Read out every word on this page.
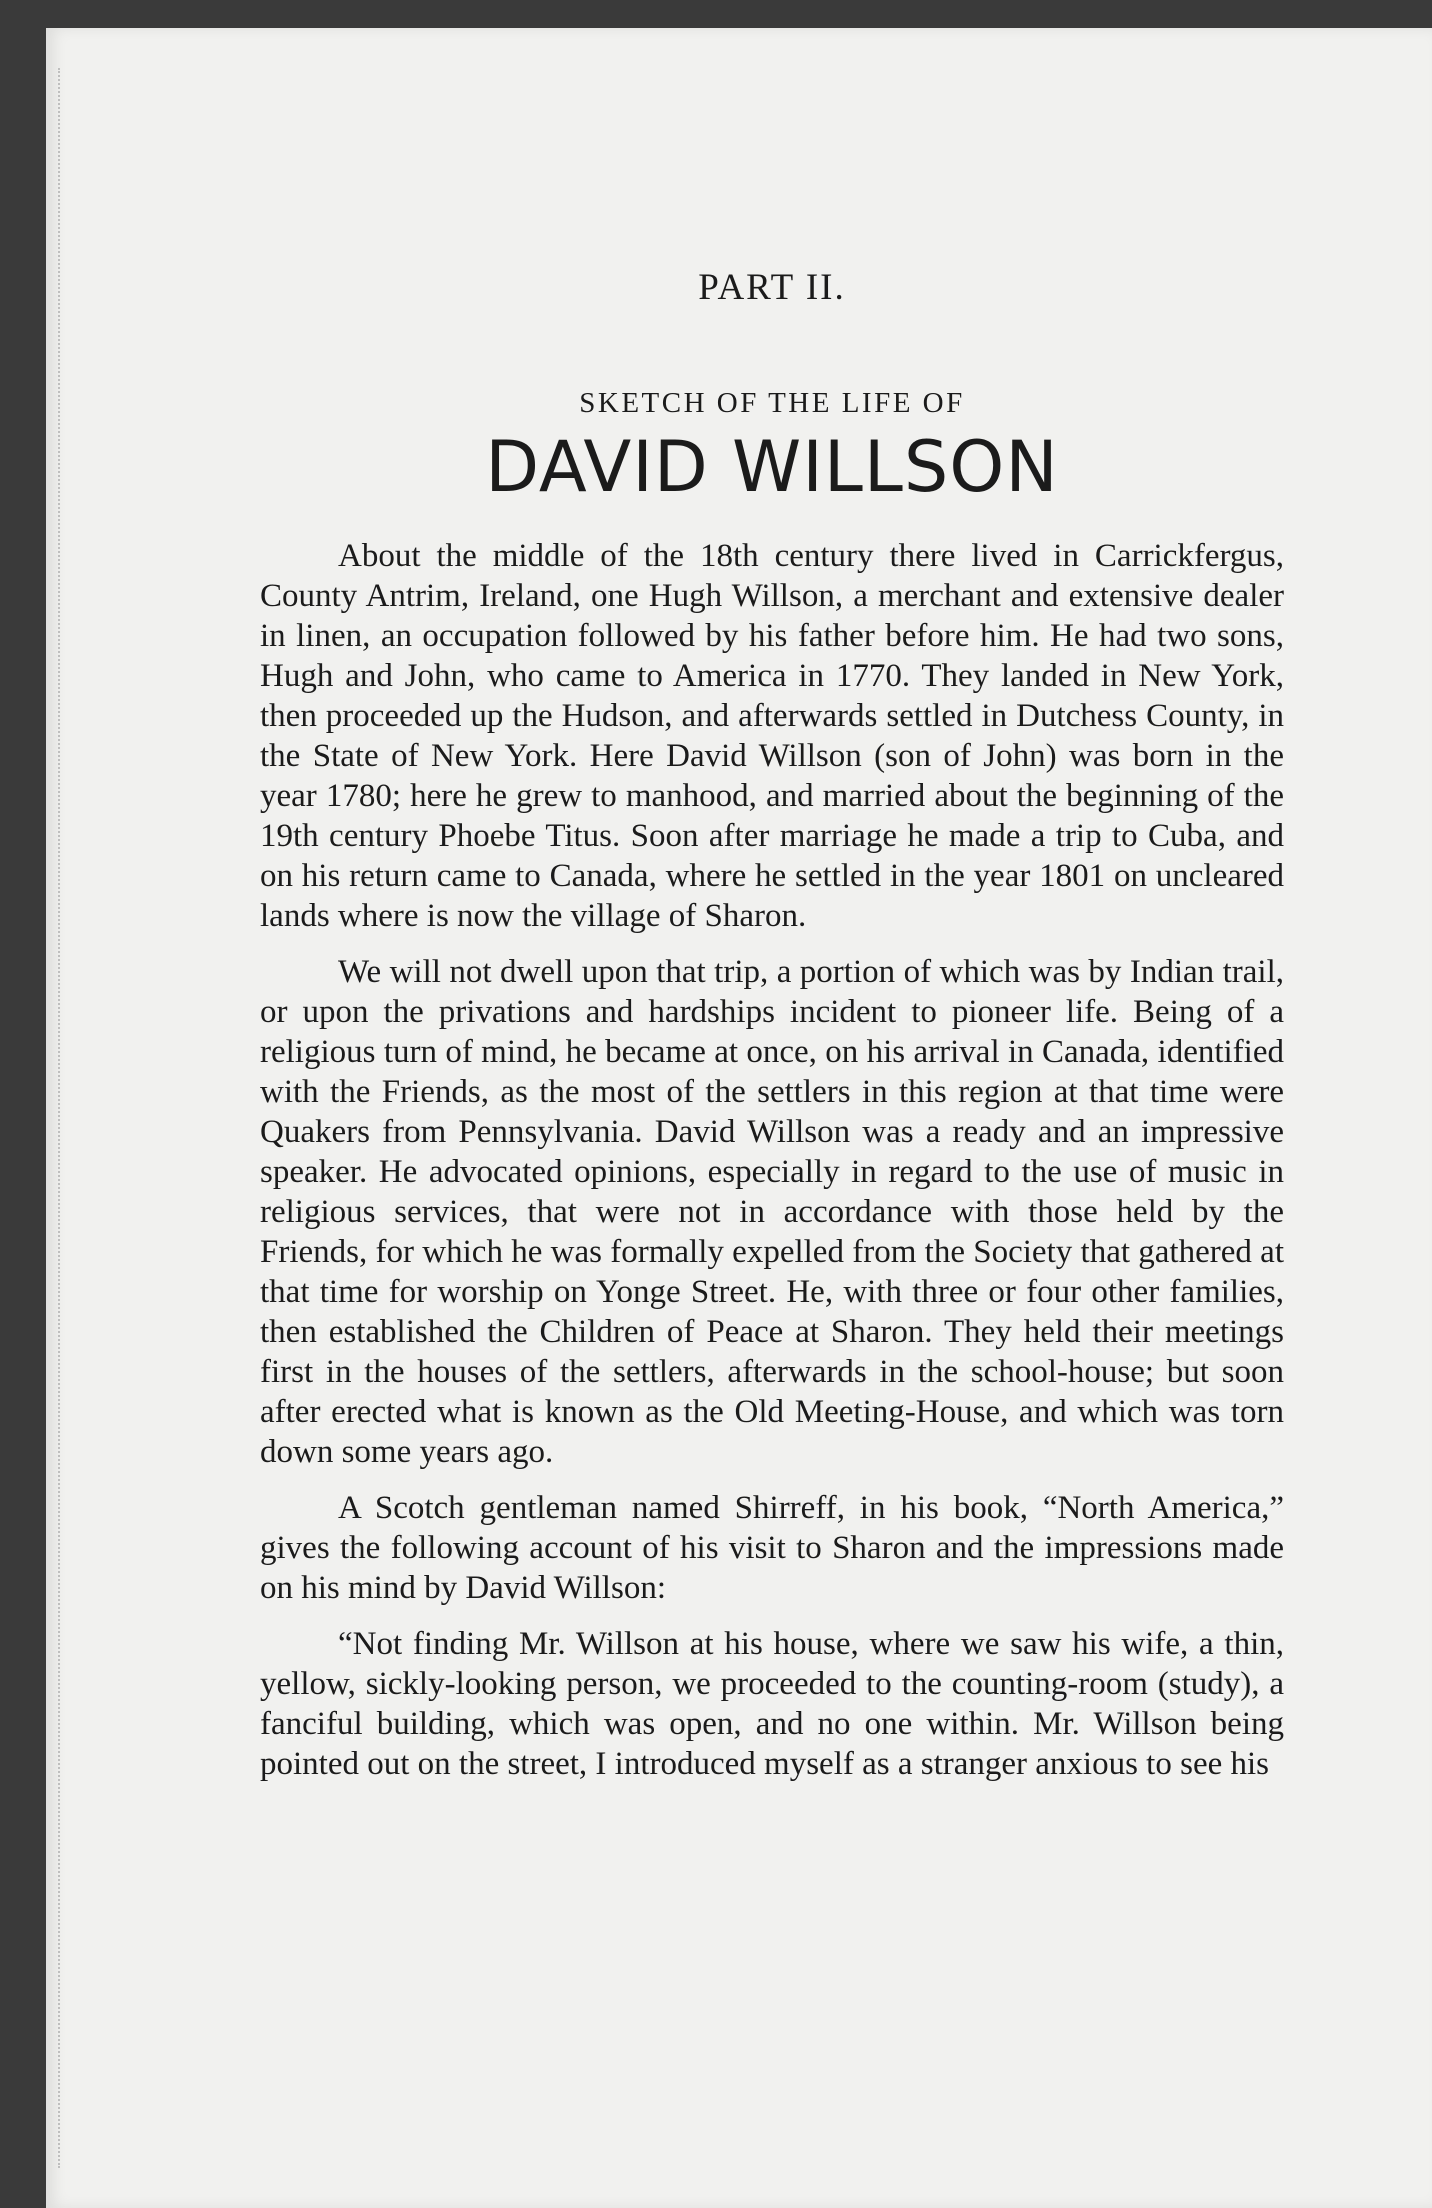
PART II.
SKETCH OF THE LIFE OF
DAVID WILLSON

About the middle of the 18th century there lived in Carrickfergus, County Antrim, Ireland, one Hugh Willson, a merchant and extensive dealer in linen, an occupation followed by his father before him. He had two sons, Hugh and John, who came to America in 1770. They landed in New York, then proceeded up the Hudson, and afterwards settled in Dutchess County, in the State of New York. Here David Willson (son of John) was born in the year 1780; here he grew to manhood, and married about the beginning of the 19th century Phoebe Titus. Soon after marriage he made a trip to Cuba, and on his return came to Canada, where he settled in the year 1801 on uncleared lands where is now the village of Sharon.

We will not dwell upon that trip, a portion of which was by Indian trail, or upon the privations and hardships incident to pioneer life. Being of a religious turn of mind, he became at once, on his arrival in Canada, identified with the Friends, as the most of the settlers in this region at that time were Quakers from Pennsylvania. David Willson was a ready and an impressive speaker. He advocated opinions, especially in regard to the use of music in religious services, that were not in accordance with those held by the Friends, for which he was formally expelled from the Society that gathered at that time for worship on Yonge Street. He, with three or four other families, then established the Children of Peace at Sharon. They held their meetings first in the houses of the settlers, afterwards in the school-house; but soon after erected what is known as the Old Meeting-House, and which was torn down some years ago.

A Scotch gentleman named Shirreff, in his book, “North America,” gives the following account of his visit to Sharon and the impressions made on his mind by David Willson:

“Not finding Mr. Willson at his house, where we saw his wife, a thin, yellow, sickly-looking person, we proceeded to the counting-room (study), a fanciful building, which was open, and no one within. Mr. Willson being pointed out on the street, I introduced myself as a stranger anxious to see his
